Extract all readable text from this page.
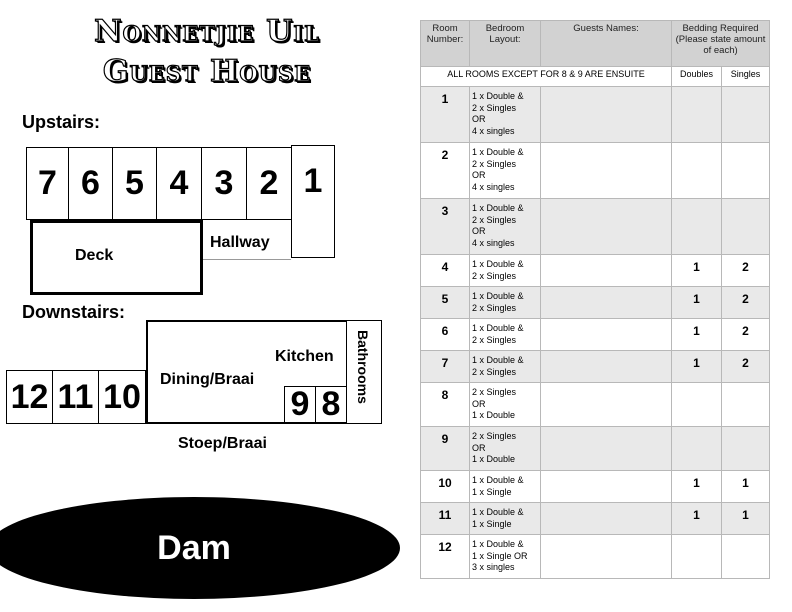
Nonnetjie Uil
Guest House
Upstairs:
7 6 5 4 3 2 1
Deck
Hallway
Downstairs:
Bathrooms
Kitchen
Dining/Braai
9 8
12 11 10
Stoep/Braai
Dam
Room Number:	Bedroom Layout:	Guests Names:	Bedding Required (Please state amount of each)	
ALL ROOMS EXCEPT FOR 8 & 9 ARE ENSUITE			Doubles	Singles
1	1 x Double &
2 x Singles
OR
4 x singles			

2	1 x Double &
2 x Singles
OR
4 x singles			

3	1 x Double &
2 x Singles
OR
4 x singles			

4	1 x Double &
2 x Singles		1	2
5	1 x Double &
2 x Singles		1	2
6	1 x Double &
2 x Singles		1	2
7	1 x Double &
2 x Singles		1	2
8	2 x Singles
OR
1 x Double			

9	2 x Singles
OR
1 x Double			

10	1 x Double &
1 x Single		1	1
11	1 x Double &
1 x Single		1	1
12	1 x Double &
1 x Single OR
3 x singles			
